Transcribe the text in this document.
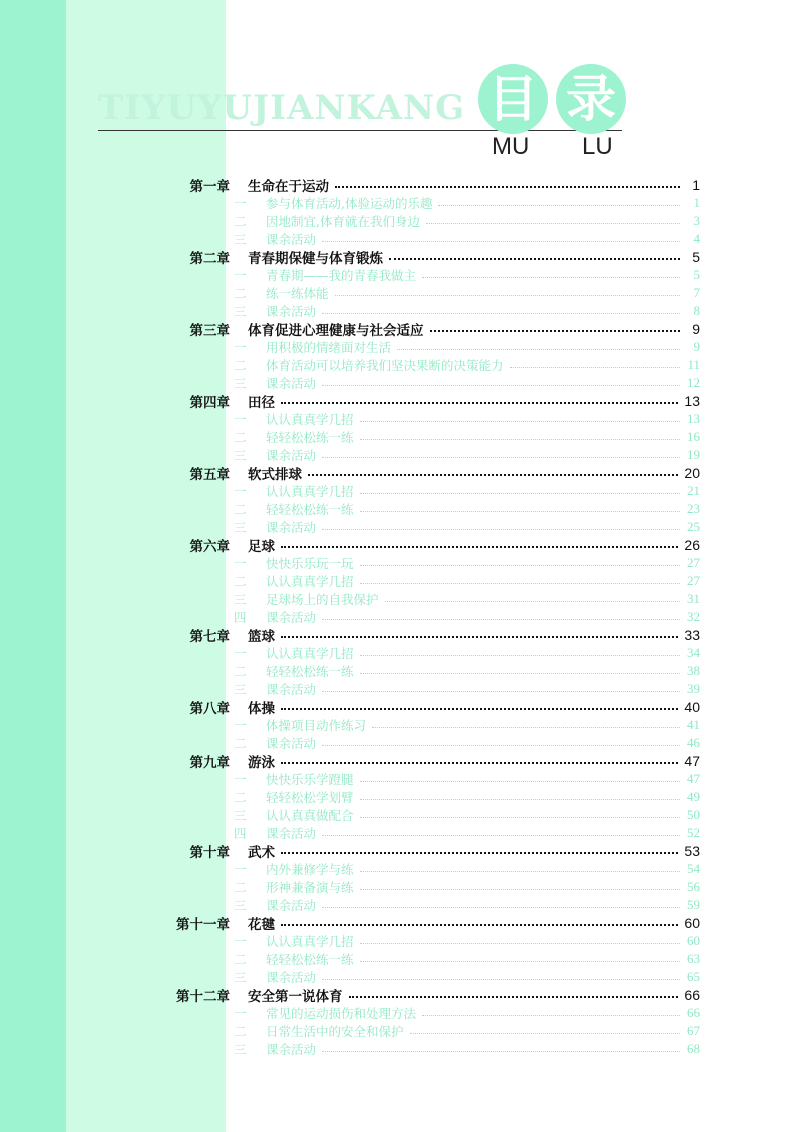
TIYUYUJIANKANG 目 录
MU LU
第一章 生命在于运动	1
一	参与体育活动,体验运动的乐趣	1
二	因地制宜,体育就在我们身边	3
三	课余活动	4
第二章 青春期保健与体育锻炼	5
一	青春期——我的青春我做主	5
二	练一练体能	7
三	课余活动	8
第三章 体育促进心理健康与社会适应	9
一	用积极的情绪面对生活	9
二	体育活动可以培养我们坚决果断的决策能力	11
三	课余活动	12
第四章 田径	13
一	认认真真学几招	13
二	轻轻松松练一练	16
三	课余活动	19
第五章 软式排球	20
一	认认真真学几招	21
二	轻轻松松练一练	23
三	课余活动	25
第六章 足球	26
一	快快乐乐玩一玩	27
二	认认真真学几招	27
三	足球场上的自我保护	31
四	课余活动	32
第七章 篮球	33
一	认认真真学几招	34
二	轻轻松松练一练	38
三	课余活动	39
第八章 体操	40
一	体操项目动作练习	41
二	课余活动	46
第九章 游泳	47
一	快快乐乐学蹬腿	47
二	轻轻松松学划臂	49
三	认认真真做配合	50
四	课余活动	52
第十章 武术	53
一	内外兼修学与练	54
二	形神兼备演与练	56
三	课余活动	59
第十一章 花毽	60
一	认认真真学几招	60
二	轻轻松松练一练	63
三	课余活动	65
第十二章 安全第一说体育	66
一	常见的运动损伤和处理方法	66
二	日常生活中的安全和保护	67
三	课余活动	68
